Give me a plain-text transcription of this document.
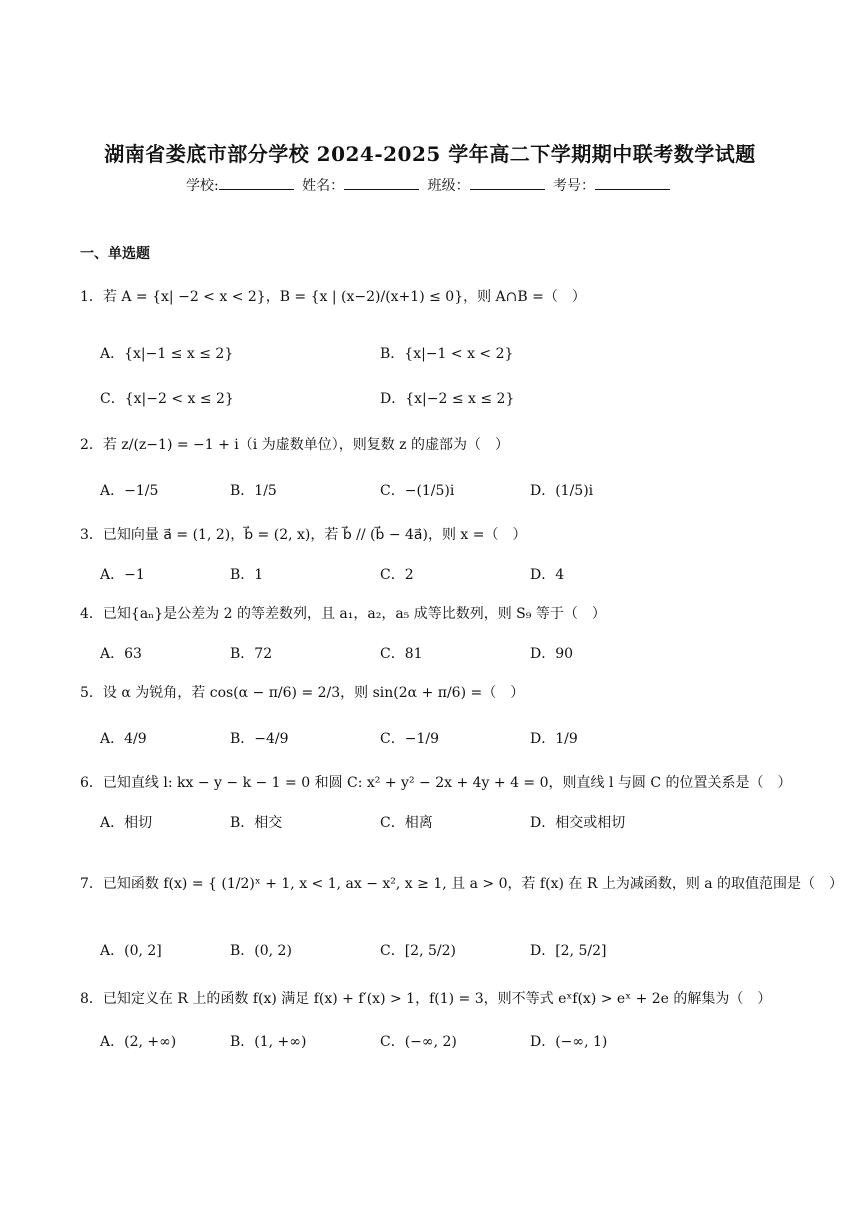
湖南省娄底市部分学校 2024-2025 学年高二下学期期中联考数学试题
学校:	姓名：	班级：	考号：
一、单选题
1．若 A = {x| −2 < x < 2}，B = {x | (x−2)/(x+1) ≤ 0}，则 A∩B =（　）
A．{x|−1 ≤ x ≤ 2}	B．{x|−1 < x < 2}
C．{x|−2 < x ≤ 2}	D．{x|−2 ≤ x ≤ 2}
2．若 z/(z−1) = −1 + i（i 为虚数单位），则复数 z 的虚部为（　）
A．−1/5	B．1/5	C．−(1/5)i	D．(1/5)i
3．已知向量 a⃗ = (1, 2)，b⃗ = (2, x)，若 b⃗ // (b⃗ − 4a⃗)，则 x =（　）
A．−1	B．1	C．2	D．4
4．已知{aₙ}是公差为 2 的等差数列，且 a₁，a₂，a₅ 成等比数列，则 S₉ 等于（　）
A．63	B．72	C．81	D．90
5．设 α 为锐角，若 cos(α − π/6) = 2/3，则 sin(2α + π/6) =（　）
A．4/9	B．−4/9	C．−1/9	D．1/9
6．已知直线 l: kx − y − k − 1 = 0 和圆 C: x² + y² − 2x + 4y + 4 = 0，则直线 l 与圆 C 的位置关系是（　）
A．相切	B．相交	C．相离	D．相交或相切
7．已知函数 f(x) = { (1/2)ˣ + 1, x < 1, ax − x², x ≥ 1, 且 a > 0，若 f(x) 在 R 上为减函数，则 a 的取值范围是（　）
A．(0, 2]	B．(0, 2)	C．[2, 5/2)	D．[2, 5/2]
8．已知定义在 R 上的函数 f(x) 满足 f(x) + f′(x) > 1，f(1) = 3，则不等式 eˣf(x) > eˣ + 2e 的解集为（　）
A．(2, +∞)	B．(1, +∞)	C．(−∞, 2)	D．(−∞, 1)
